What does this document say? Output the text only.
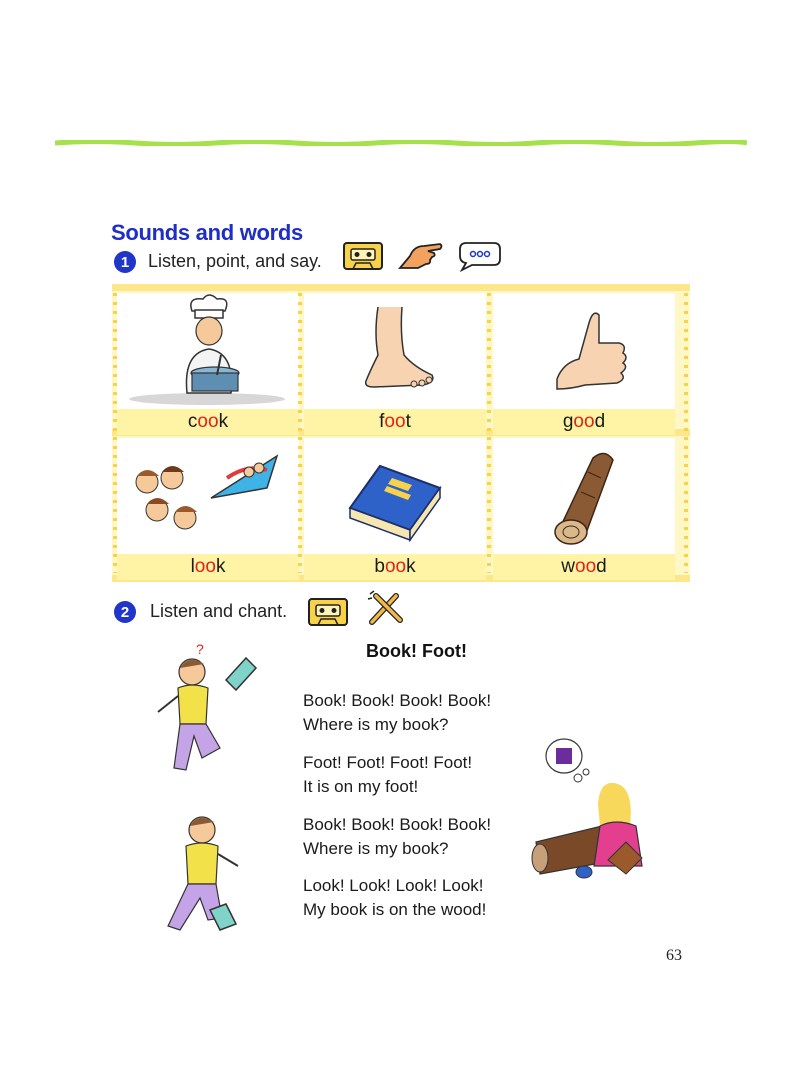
Sounds and words
1	Listen, point, and say.
cook	foot	good
look	book	wood
2	Listen and chant.
?	Book! Foot!
Book! Book! Book! Book!
Where is my book?
Foot! Foot! Foot! Foot!
It is on my foot!
Book! Book! Book! Book!
Where is my book?
Look! Look! Look! Look!
My book is on the wood!
63
